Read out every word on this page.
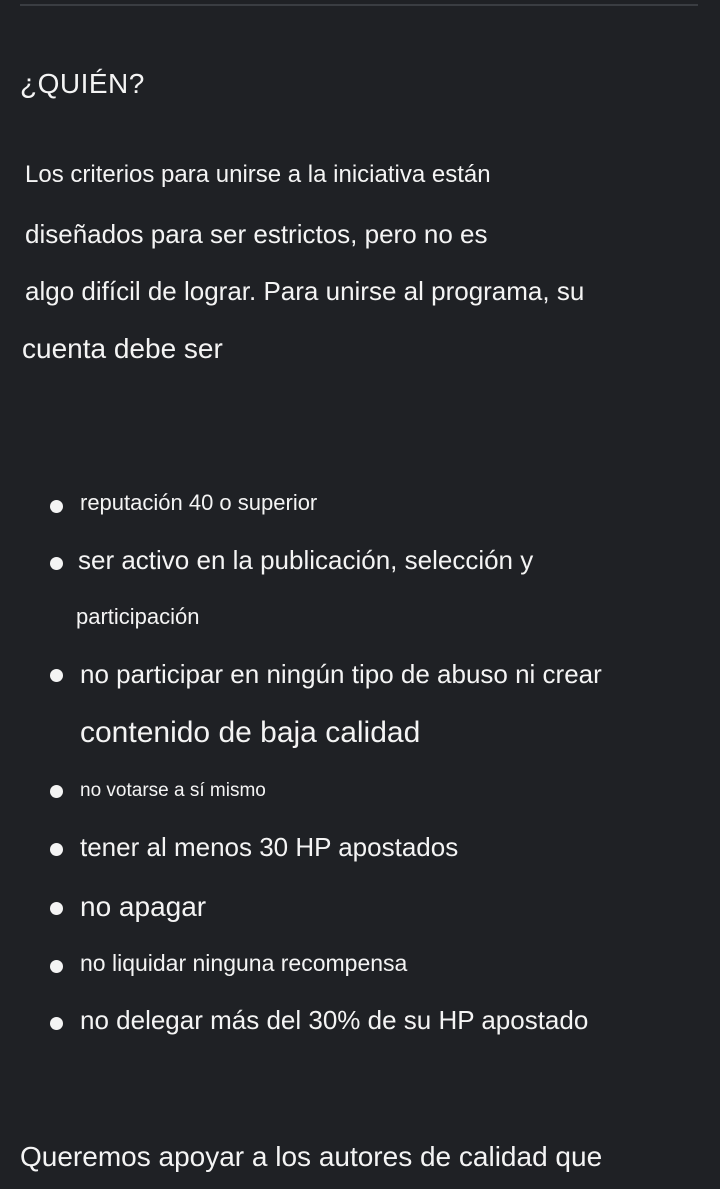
¿QUIÉN?
Los criterios para unirse a la iniciativa están
diseñados para ser estrictos, pero no es
algo difícil de lograr. Para unirse al programa, su
cuenta debe ser
reputación 40 o superior
ser activo en la publicación, selección y
participación
no participar en ningún tipo de abuso ni crear
contenido de baja calidad
no votarse a sí mismo
tener al menos 30 HP apostados
no apagar
no liquidar ninguna recompensa
no delegar más del 30% de su HP apostado
Queremos apoyar a los autores de calidad que
